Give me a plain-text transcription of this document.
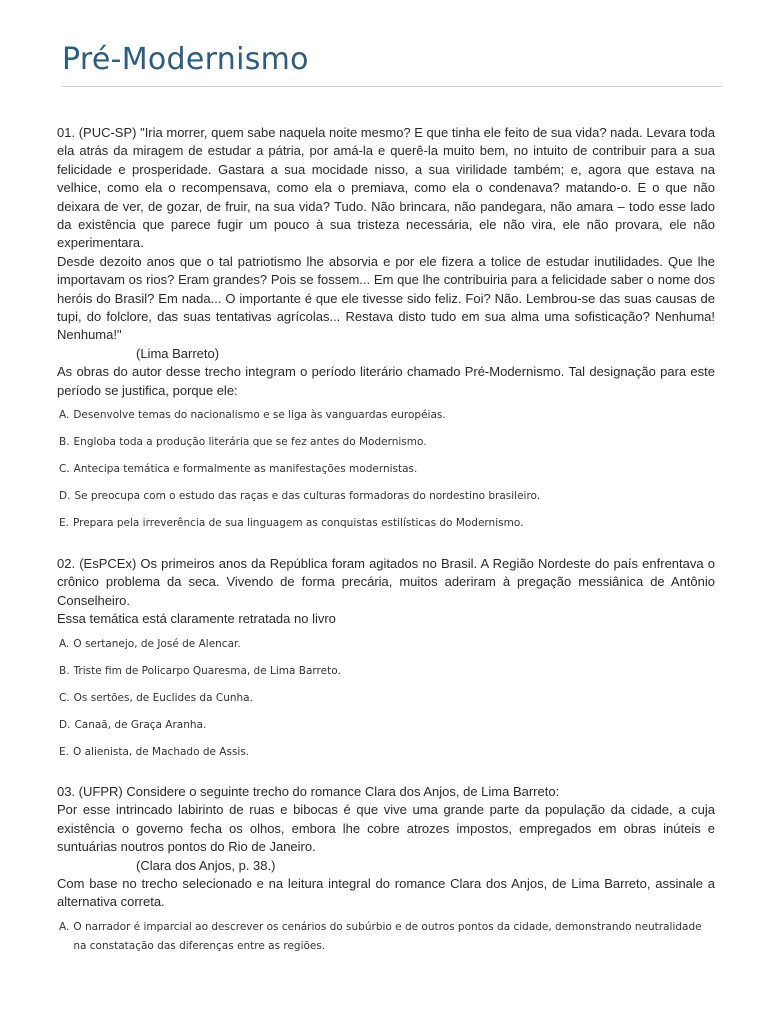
Pré-Modernismo

01. (PUC-SP) "Iria morrer, quem sabe naquela noite mesmo? E que tinha ele feito de sua vida? nada. Levara toda ela atrás da miragem de estudar a pátria, por amá-la e querê-la muito bem, no intuito de contribuir para a sua felicidade e prosperidade. Gastara a sua mocidade nisso, a sua virilidade também; e, agora que estava na velhice, como ela o recompensava, como ela o premiava, como ela o condenava? matando-o. E o que não deixara de ver, de gozar, de fruir, na sua vida? Tudo. Não brincara, não pandegara, não amara – todo esse lado da existência que parece fugir um pouco à sua tristeza necessária, ele não vira, ele não provara, ele não experimentara.

Desde dezoito anos que o tal patriotismo lhe absorvia e por ele fizera a tolice de estudar inutilidades. Que lhe importavam os rios? Eram grandes? Pois se fossem... Em que lhe contribuiria para a felicidade saber o nome dos heróis do Brasil? Em nada... O importante é que ele tivesse sido feliz. Foi? Não. Lembrou-se das suas causas de tupi, do folclore, das suas tentativas agrícolas... Restava disto tudo em sua alma uma sofisticação? Nenhuma! Nenhuma!"

(Lima Barreto)

As obras do autor desse trecho integram o período literário chamado Pré-Modernismo. Tal designação para este período se justifica, porque ele:

A. Desenvolve temas do nacionalismo e se liga às vanguardas européias.
B. Engloba toda a produção literária que se fez antes do Modernismo.
C. Antecipa temática e formalmente as manifestações modernistas.
D. Se preocupa com o estudo das raças e das culturas formadoras do nordestino brasileiro.
E. Prepara pela irreverência de sua linguagem as conquistas estilísticas do Modernismo.

02. (EsPCEx) Os primeiros anos da República foram agitados no Brasil. A Região Nordeste do país enfrentava o crônico problema da seca. Vivendo de forma precária, muitos aderiram à pregação messiânica de Antônio Conselheiro.

Essa temática está claramente retratada no livro

A. O sertanejo, de José de Alencar.
B. Triste fim de Policarpo Quaresma, de Lima Barreto.
C. Os sertões, de Euclides da Cunha.
D. Canaã, de Graça Aranha.
E. O alienista, de Machado de Assis.

03. (UFPR) Considere o seguinte trecho do romance Clara dos Anjos, de Lima Barreto:

Por esse intrincado labirinto de ruas e bibocas é que vive uma grande parte da população da cidade, a cuja existência o governo fecha os olhos, embora lhe cobre atrozes impostos, empregados em obras inúteis e suntuárias noutros pontos do Rio de Janeiro.

(Clara dos Anjos, p. 38.)

Com base no trecho selecionado e na leitura integral do romance Clara dos Anjos, de Lima Barreto, assinale a alternativa correta.

A. O narrador é imparcial ao descrever os cenários do subúrbio e de outros pontos da cidade, demonstrando neutralidade na constatação das diferenças entre as regiões.
